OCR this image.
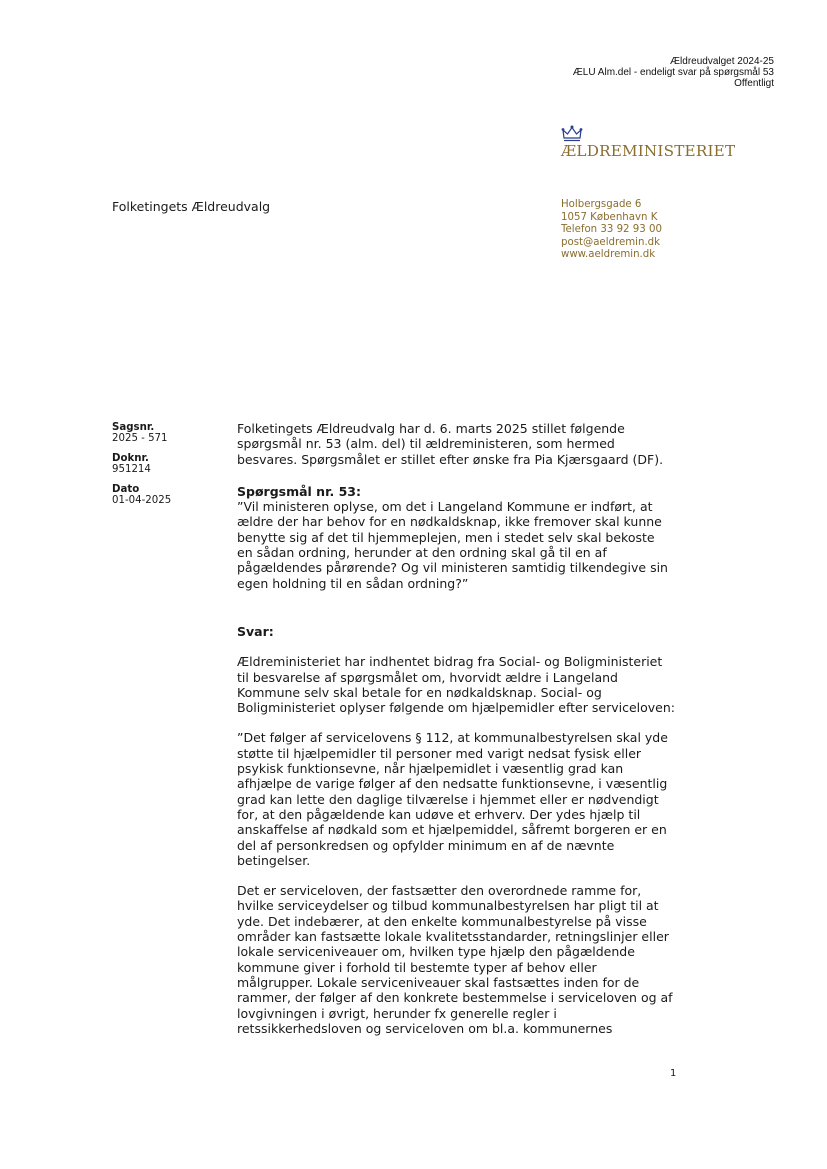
Ældreudvalget 2024-25
ÆLU Alm.del - endeligt svar på spørgsmål 53
Offentligt
ÆLDREMINISTERIET
Folketingets Ældreudvalg	Holbergsgade 6
1057 København K
Telefon 33 92 93 00
post@aeldremin.dk
www.aeldremin.dk
Sagsnr.
2025 - 571
Doknr.
951214
Dato
01-04-2025

Folketingets Ældreudvalg har d. 6. marts 2025 stillet følgende
spørgsmål nr. 53 (alm. del) til ældreministeren, som hermed
besvares. Spørgsmålet er stillet efter ønske fra Pia Kjærsgaard (DF).

Spørgsmål nr. 53:

”Vil ministeren oplyse, om det i Langeland Kommune er indført, at
ældre der har behov for en nødkaldsknap, ikke fremover skal kunne
benytte sig af det til hjemmeplejen, men i stedet selv skal bekoste
en sådan ordning, herunder at den ordning skal gå til en af
pågældendes pårørende? Og vil ministeren samtidig tilkendegive sin
egen holdning til en sådan ordning?”

Svar:

Ældreministeriet har indhentet bidrag fra Social- og Boligministeriet
til besvarelse af spørgsmålet om, hvorvidt ældre i Langeland
Kommune selv skal betale for en nødkaldsknap. Social- og
Boligministeriet oplyser følgende om hjælpemidler efter serviceloven:

”Det følger af servicelovens § 112, at kommunalbestyrelsen skal yde
støtte til hjælpemidler til personer med varigt nedsat fysisk eller
psykisk funktionsevne, når hjælpemidlet i væsentlig grad kan
afhjælpe de varige følger af den nedsatte funktionsevne, i væsentlig
grad kan lette den daglige tilværelse i hjemmet eller er nødvendigt
for, at den pågældende kan udøve et erhverv. Der ydes hjælp til
anskaffelse af nødkald som et hjælpemiddel, såfremt borgeren er en
del af personkredsen og opfylder minimum en af de nævnte
betingelser.

Det er serviceloven, der fastsætter den overordnede ramme for,
hvilke serviceydelser og tilbud kommunalbestyrelsen har pligt til at
yde. Det indebærer, at den enkelte kommunalbestyrelse på visse
områder kan fastsætte lokale kvalitetsstandarder, retningslinjer eller
lokale serviceniveauer om, hvilken type hjælp den pågældende
kommune giver i forhold til bestemte typer af behov eller
målgrupper. Lokale serviceniveauer skal fastsættes inden for de
rammer, der følger af den konkrete bestemmelse i serviceloven og af
lovgivningen i øvrigt, herunder fx generelle regler i
retssikkerhedsloven og serviceloven om bl.a. kommunernes

1
